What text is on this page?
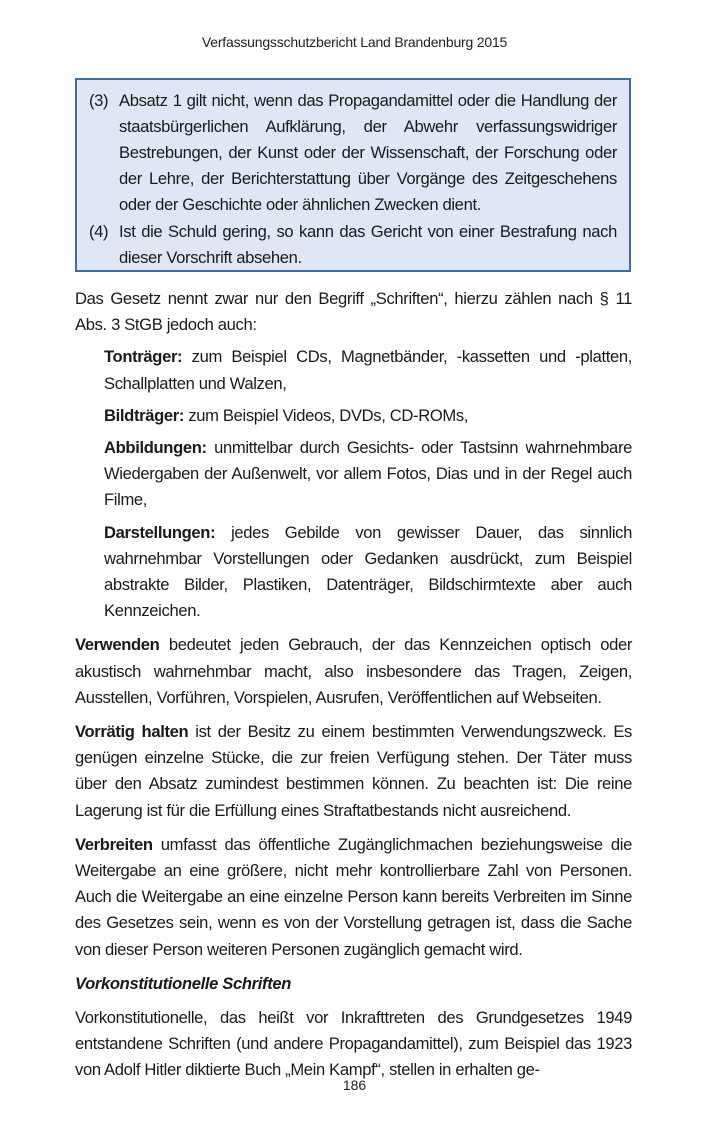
Verfassungsschutzbericht Land Brandenburg 2015
(3) Absatz 1 gilt nicht, wenn das Propagandamittel oder die Handlung der staatsbürgerlichen Aufklärung, der Abwehr verfassungswidriger Bestrebungen, der Kunst oder der Wissenschaft, der Forschung oder der Lehre, der Berichterstattung über Vorgänge des Zeitgeschehens oder der Geschichte oder ähnlichen Zwecken dient.
(4) Ist die Schuld gering, so kann das Gericht von einer Bestrafung nach dieser Vorschrift absehen.

Das Gesetz nennt zwar nur den Begriff „Schriften“, hierzu zählen nach § 11 Abs. 3 StGB jedoch auch:

Tonträger: zum Beispiel CDs, Magnetbänder, -kassetten und -platten, Schallplatten und Walzen,

Bildträger: zum Beispiel Videos, DVDs, CD-ROMs,

Abbildungen: unmittelbar durch Gesichts- oder Tastsinn wahrnehmbare Wiedergaben der Außenwelt, vor allem Fotos, Dias und in der Regel auch Filme,

Darstellungen: jedes Gebilde von gewisser Dauer, das sinnlich wahrnehmbar Vorstellungen oder Gedanken ausdrückt, zum Beispiel abstrakte Bilder, Plastiken, Datenträger, Bildschirmtexte aber auch Kennzeichen.

Verwenden bedeutet jeden Gebrauch, der das Kennzeichen optisch oder akustisch wahrnehmbar macht, also insbesondere das Tragen, Zeigen, Ausstellen, Vorführen, Vorspielen, Ausrufen, Veröffentlichen auf Webseiten.

Vorrätig halten ist der Besitz zu einem bestimmten Verwendungszweck. Es genügen einzelne Stücke, die zur freien Verfügung stehen. Der Täter muss über den Absatz zumindest bestimmen können. Zu beachten ist: Die reine Lagerung ist für die Erfüllung eines Straftatbestands nicht ausreichend.

Verbreiten umfasst das öffentliche Zugänglichmachen beziehungsweise die Weitergabe an eine größere, nicht mehr kontrollierbare Zahl von Personen. Auch die Weitergabe an eine einzelne Person kann bereits Verbreiten im Sinne des Gesetzes sein, wenn es von der Vorstellung getragen ist, dass die Sache von dieser Person weiteren Personen zugänglich gemacht wird.

Vorkonstitutionelle Schriften

Vorkonstitutionelle, das heißt vor Inkrafttreten des Grundgesetzes 1949 entstandene Schriften (und andere Propagandamittel), zum Beispiel das 1923 von Adolf Hitler diktierte Buch „Mein Kampf“, stellen in erhalten ge-

186
